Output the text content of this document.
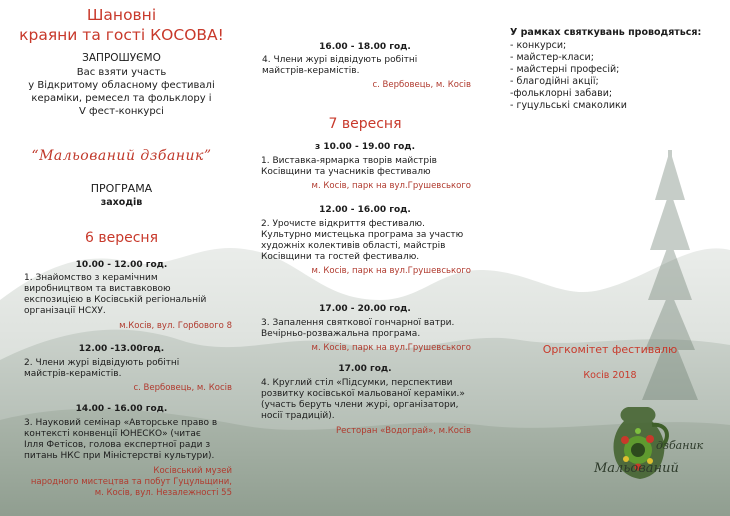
Шановні
краяни та гості КОСОВА!
ЗАПРОШУЄМО
Вас взяти участь
у Відкритому обласному фестивалі
кераміки, ремесел та фольклору і
V фест-конкурсі
“Мальований дзбаник”
ПРОГРАМА
заходів
6 вересня
10.00 - 12.00 год.
1. Знайомство з керамічним
виробництвом та виставковою
експозицією в Косівській регіональній
організації НСХУ.
м.Косів, вул. Горбового 8
12.00 -13.00год.
2. Члени журі відвідують робітні
майстрів-керамістів.
с. Вербовець, м. Косів
14.00 - 16.00 год.
3. Науковий семінар «Авторське право в
контексті конвенції ЮНЕСКО» (читає
Ілля Фетісов, голова експертної ради з
питань НКС при Міністерстві культури).
Косівський музей
народного мистецтва та побут Гуцульщини,
м. Косів, вул. Незалежності 55
16.00 - 18.00 год.
4. Члени журі відвідують робітні
майстрів-керамістів.
с. Вербовець, м. Косів
7 вересня
з 10.00 - 19.00 год.
1. Виставка-ярмарка творів майстрів
Косівщини та учасників фестивалю
м. Косів, парк на вул.Грушевського
12.00 - 16.00 год.
2. Урочисте відкриття фестивалю.
Культурно мистецька програма за участю
художніх колективів області, майстрів
Косівщини та гостей фестивалю.
м. Косів, парк на вул.Грушевського
17.00 - 20.00 год.
3. Запалення святкової гончарної ватри.
Вечірньо-розважальна програма.
м. Косів, парк на вул.Грушевського
17.00 год.
4. Круглий стіл «Підсумки, перспективи
розвитку косівської мальованої кераміки.»
(участь беруть члени журі, організатори,
носії традицій).
Ресторан «Водограй», м.Косів
У рамках святкувань проводяться:
- конкурси;
- майстер-класи;
- майстерні професій;
- благодійні акції;
-фольклорні забави;
- гуцульські смаколики
Оргкомітет фестивалю
Косів 2018
дзбаник
Мальований
